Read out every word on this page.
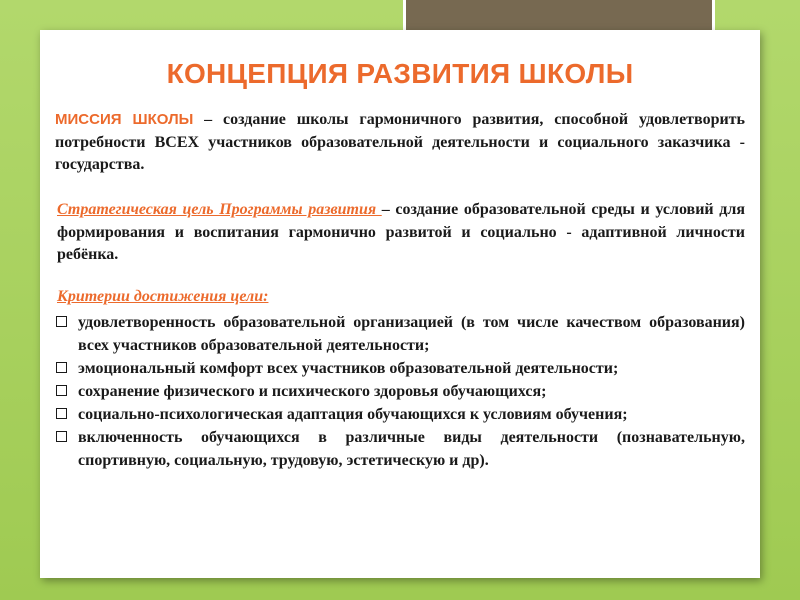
КОНЦЕПЦИЯ РАЗВИТИЯ ШКОЛЫ

МИССИЯ ШКОЛЫ – создание школы гармоничного развития, способной удовлетворить потребности ВСЕХ участников образовательной деятельности и социального заказчика - государства.

Стратегическая цель Программы развития – создание образовательной среды и условий для формирования и воспитания гармонично развитой и социально - адаптивной личности ребёнка.

Критерии достижения цели:
удовлетворенность образовательной организацией (в том числе качеством образования) всех участников образовательной деятельности;
эмоциональный комфорт всех участников образовательной деятельности;
сохранение физического и психического здоровья обучающихся;
социально-психологическая адаптация обучающихся к условиям обучения;
включенность обучающихся в различные виды деятельности (познавательную, спортивную, социальную, трудовую, эстетическую и др).
